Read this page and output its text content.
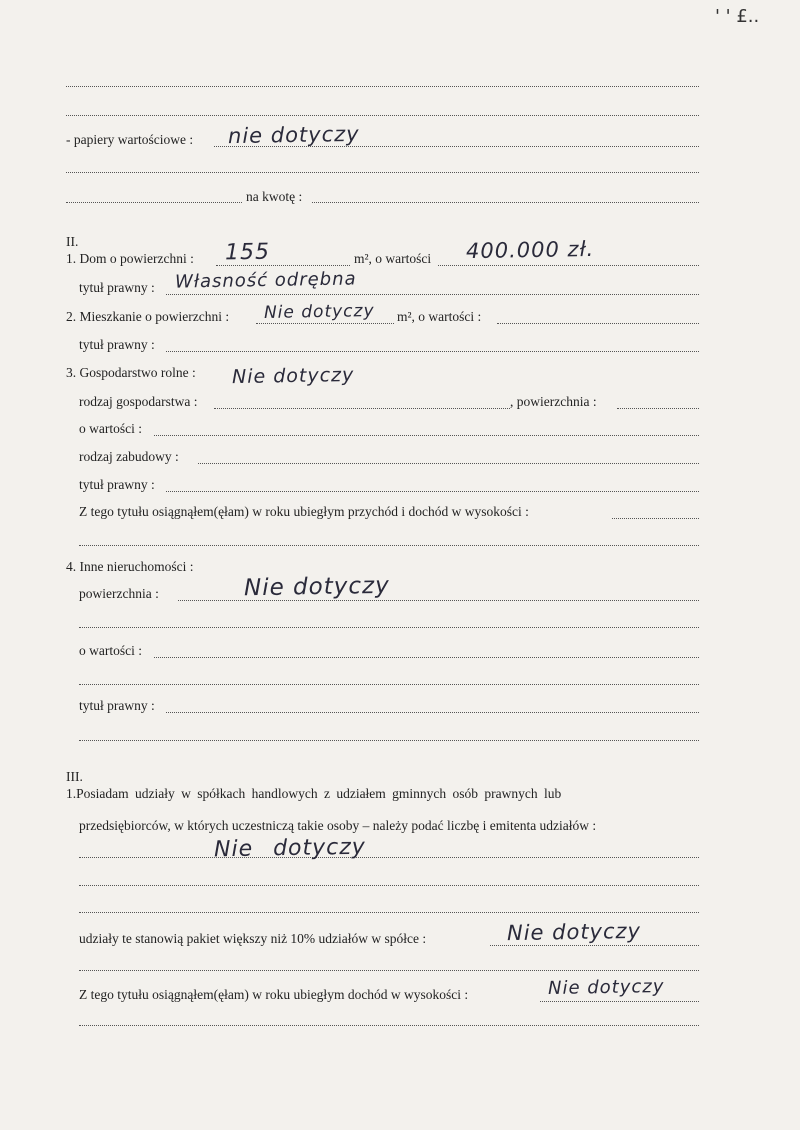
' ' £..
- papiery wartościowe : nie dotyczy
na kwotę :
II.
1. Dom o powierzchni : 155	m², o wartości 400.000 zł.
tytuł prawny : Własność odrębna
2. Mieszkanie o powierzchni : Nie dotyczy m², o wartości :
tytuł prawny :
3. Gospodarstwo rolne : Nie dotyczy
rodzaj gospodarstwa :	, powierzchnia :
o wartości :
rodzaj zabudowy :
tytuł prawny :
Z tego tytułu osiągnąłem(ęłam) w roku ubiegłym przychód i dochód w wysokości :
4. Inne nieruchomości :
powierzchnia :	Nie dotyczy
o wartości :
tytuł prawny :
III.
1.Posiadam udziały w spółkach handlowych z udziałem gminnych osób prawnych lub
przedsiębiorców, w których uczestniczą takie osoby – należy podać liczbę i emitenta udziałów :
Nie dotyczy
udziały te stanowią pakiet większy niż 10% udziałów w spółce :	Nie dotyczy
Z tego tytułu osiągnąłem(ęłam) w roku ubiegłym dochód w wysokości :	Nie dotyczy
